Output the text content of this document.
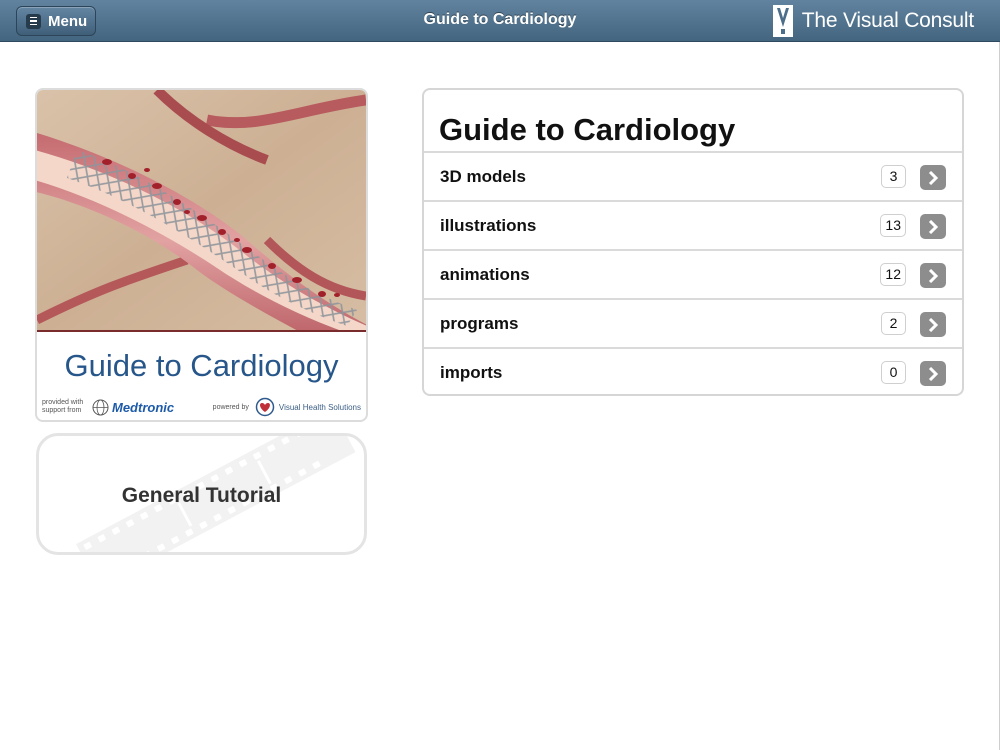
Menu	Guide to Cardiology	The Visual Consult
Guide to Cardiology
provided with support from Medtronic	powered by	Visual Health Solutions
General Tutorial
Guide to Cardiology
3D models	3
illustrations	13
animations	12
programs	2
imports	0
